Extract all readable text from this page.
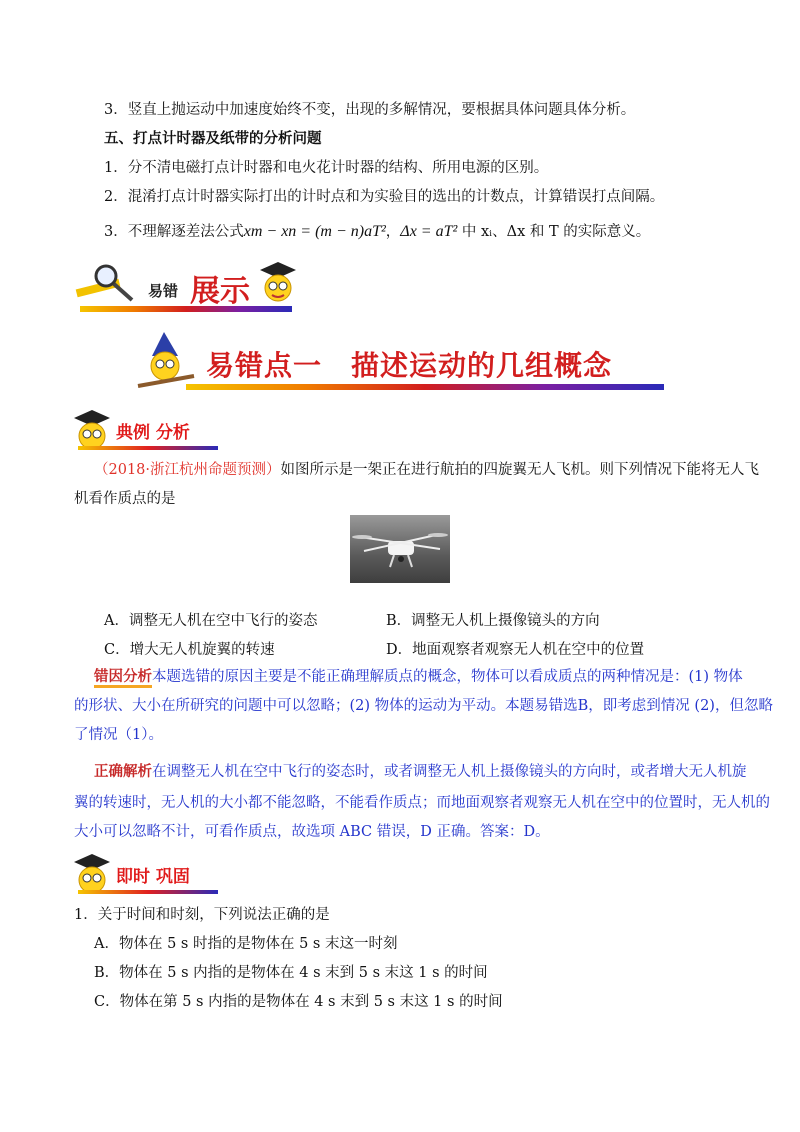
3．竖直上抛运动中加速度始终不变，出现的多解情况，要根据具体问题具体分析。
五、打点计时器及纸带的分析问题
1．分不清电磁打点计时器和电火花计时器的结构、所用电源的区别。
2．混淆打点计时器实际打出的计时点和为实验目的选出的计数点，计算错误打点间隔。
3．不理解逐差法公式xm − xn = (m − n)aT²，Δx = aT² 中 xᵢ、Δx 和 T 的实际意义。
易错 展示
易错点一　描述运动的几组概念
典例 分析
（2018·浙江杭州命题预测）如图所示是一架正在进行航拍的四旋翼无人飞机。则下列情况下能将无人飞
机看作质点的是
A．调整无人机在空中飞行的姿态	B．调整无人机上摄像镜头的方向
C．增大无人机旋翼的转速	D．地面观察者观察无人机在空中的位置
错因分析本题选错的原因主要是不能正确理解质点的概念，物体可以看成质点的两种情况是：(1) 物体
的形状、大小在所研究的问题中可以忽略；(2) 物体的运动为平动。本题易错选B，即考虑到情况 (2)，但忽略
了情况（1）。
正确解析在调整无人机在空中飞行的姿态时，或者调整无人机上摄像镜头的方向时，或者增大无人机旋
翼的转速时，无人机的大小都不能忽略，不能看作质点；而地面观察者观察无人机在空中的位置时，无人机的
大小可以忽略不计，可看作质点，故选项 ABC 错误，D 正确。答案：D。
即时 巩固
1．关于时间和时刻，下列说法正确的是
A．物体在 5 s 时指的是物体在 5 s 末这一时刻
B．物体在 5 s 内指的是物体在 4 s 末到 5 s 末这 1 s 的时间
C．物体在第 5 s 内指的是物体在 4 s 末到 5 s 末这 1 s 的时间
